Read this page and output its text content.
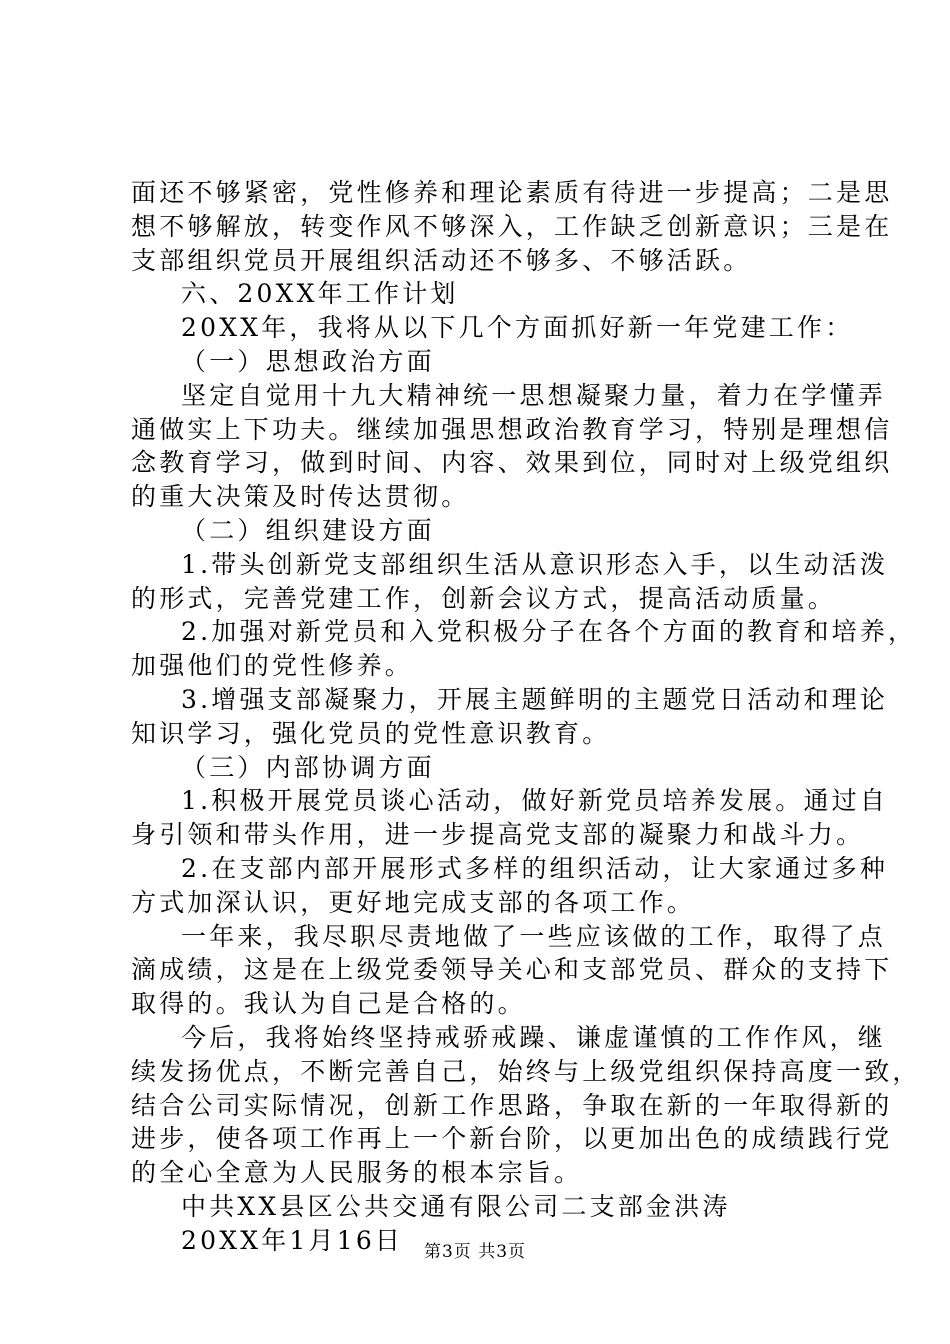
面还不够紧密，党性修养和理论素质有待进一步提高；二是思
想不够解放，转变作风不够深入，工作缺乏创新意识；三是在
支部组织党员开展组织活动还不够多、不够活跃。
六、20XX年工作计划
20XX年，我将从以下几个方面抓好新一年党建工作：
（一）思想政治方面
坚定自觉用十九大精神统一思想凝聚力量，着力在学懂弄
通做实上下功夫。继续加强思想政治教育学习，特别是理想信
念教育学习，做到时间、内容、效果到位，同时对上级党组织
的重大决策及时传达贯彻。
（二）组织建设方面
1.带头创新党支部组织生活从意识形态入手，以生动活泼
的形式，完善党建工作，创新会议方式，提高活动质量。
2.加强对新党员和入党积极分子在各个方面的教育和培养，
加强他们的党性修养。
3.增强支部凝聚力，开展主题鲜明的主题党日活动和理论
知识学习，强化党员的党性意识教育。
（三）内部协调方面
1.积极开展党员谈心活动，做好新党员培养发展。通过自
身引领和带头作用，进一步提高党支部的凝聚力和战斗力。
2.在支部内部开展形式多样的组织活动，让大家通过多种
方式加深认识，更好地完成支部的各项工作。
一年来，我尽职尽责地做了一些应该做的工作，取得了点
滴成绩，这是在上级党委领导关心和支部党员、群众的支持下
取得的。我认为自己是合格的。
今后，我将始终坚持戒骄戒躁、谦虚谨慎的工作作风，继
续发扬优点，不断完善自己，始终与上级党组织保持高度一致，
结合公司实际情况，创新工作思路，争取在新的一年取得新的
进步，使各项工作再上一个新台阶，以更加出色的成绩践行党
的全心全意为人民服务的根本宗旨。
中共XX县区公共交通有限公司二支部金洪涛
20XX年1月16日	第3页 共3页
